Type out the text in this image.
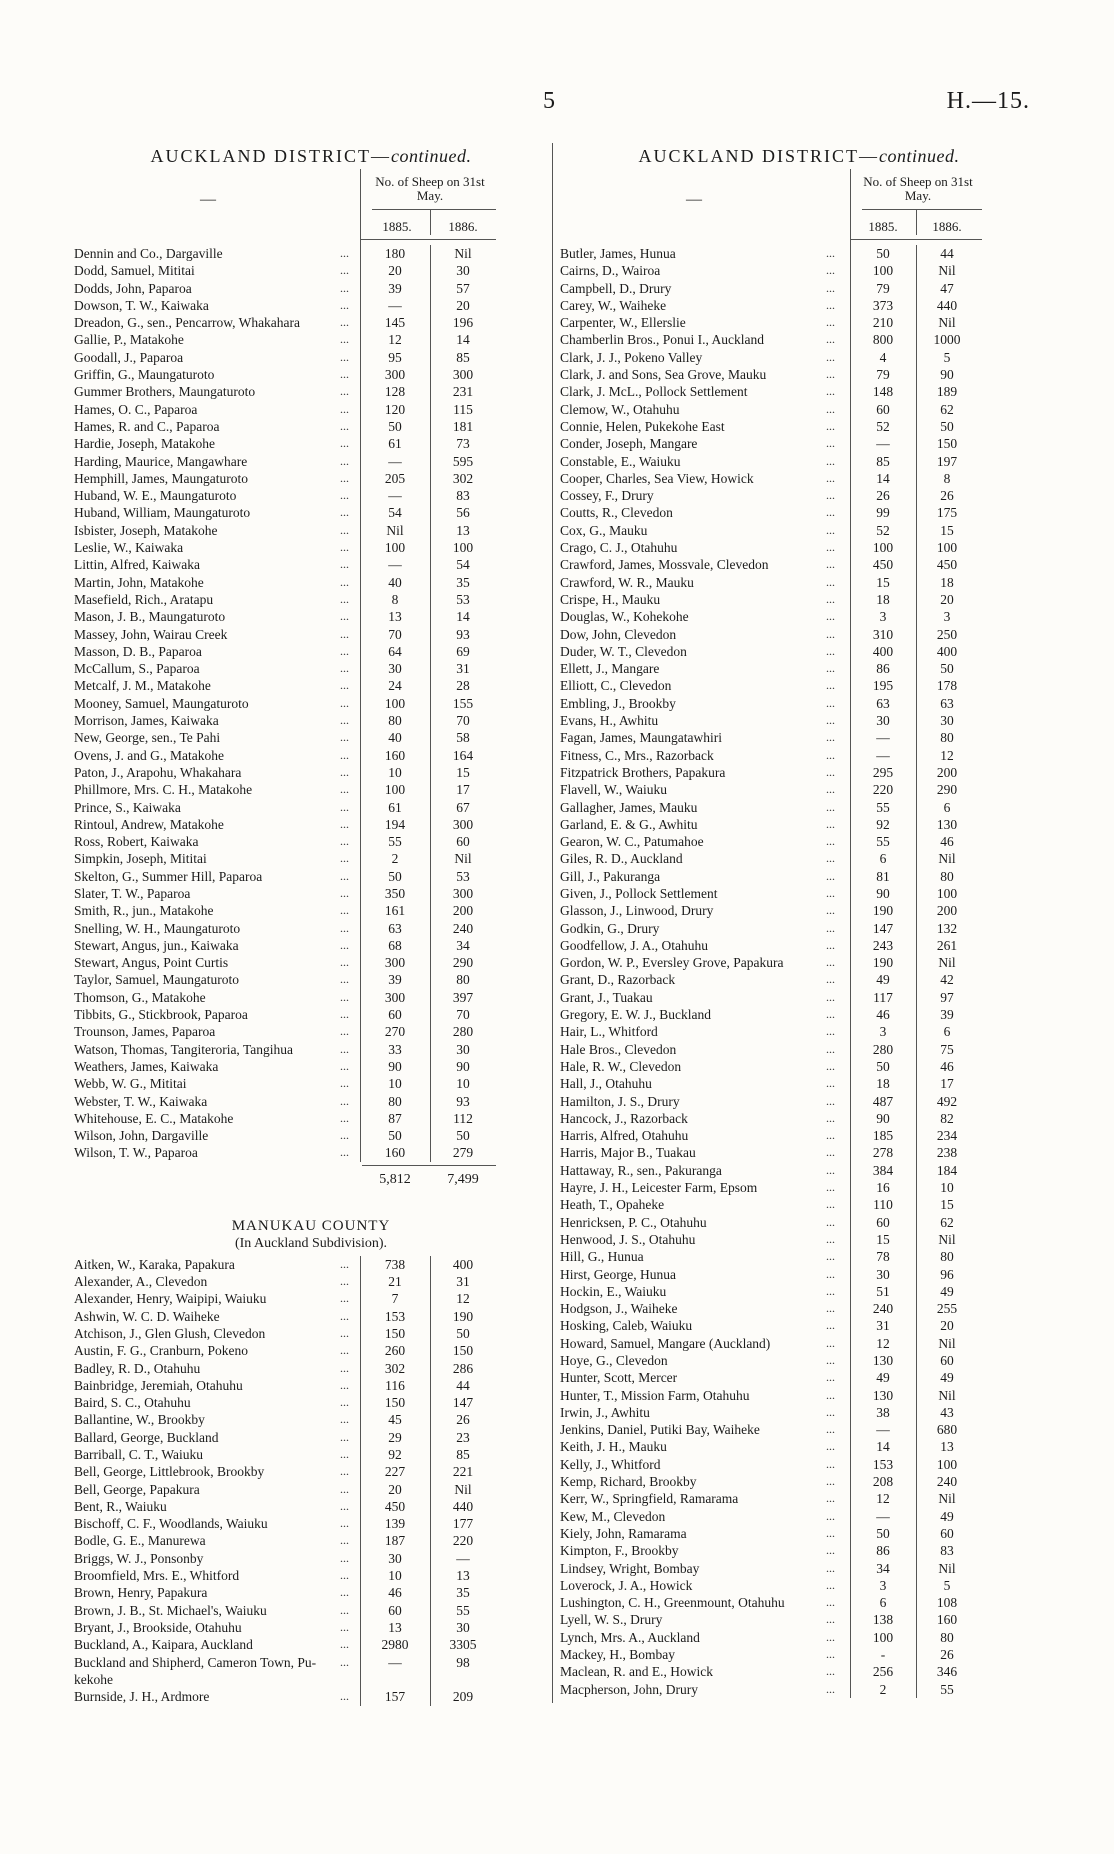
5	H.—15.
AUCKLAND DISTRICT—continued.
—
No. of Sheep on 31st May.
1885.	1886.
Dennin and Co., Dargaville	...	180	Nil
Dodd, Samuel, Mititai	...	20	30
Dodds, John, Paparoa	...	39	57
Dowson, T. W., Kaiwaka	...	—	20
Dreadon, G., sen., Pencarrow, Whakahara	...	145	196
Gallie, P., Matakohe	...	12	14
Goodall, J., Paparoa	...	95	85
Griffin, G., Maungaturoto	...	300	300
Gummer Brothers, Maungaturoto	...	128	231
Hames, O. C., Paparoa	...	120	115
Hames, R. and C., Paparoa	...	50	181
Hardie, Joseph, Matakohe	...	61	73
Harding, Maurice, Mangawhare	...	—	595
Hemphill, James, Maungaturoto	...	205	302
Huband, W. E., Maungaturoto	...	—	83
Huband, William, Maungaturoto	...	54	56
Isbister, Joseph, Matakohe	...	Nil	13
Leslie, W., Kaiwaka	...	100	100
Littin, Alfred, Kaiwaka	...	—	54
Martin, John, Matakohe	...	40	35
Masefield, Rich., Aratapu	...	8	53
Mason, J. B., Maungaturoto	...	13	14
Massey, John, Wairau Creek	...	70	93
Masson, D. B., Paparoa	...	64	69
McCallum, S., Paparoa	...	30	31
Metcalf, J. M., Matakohe	...	24	28
Mooney, Samuel, Maungaturoto	...	100	155
Morrison, James, Kaiwaka	...	80	70
New, George, sen., Te Pahi	...	40	58
Ovens, J. and G., Matakohe	...	160	164
Paton, J., Arapohu, Whakahara	...	10	15
Phillmore, Mrs. C. H., Matakohe	...	100	17
Prince, S., Kaiwaka	...	61	67
Rintoul, Andrew, Matakohe	...	194	300
Ross, Robert, Kaiwaka	...	55	60
Simpkin, Joseph, Mititai	...	2	Nil
Skelton, G., Summer Hill, Paparoa	...	50	53
Slater, T. W., Paparoa	...	350	300
Smith, R., jun., Matakohe	...	161	200
Snelling, W. H., Maungaturoto	...	63	240
Stewart, Angus, jun., Kaiwaka	...	68	34
Stewart, Angus, Point Curtis	...	300	290
Taylor, Samuel, Maungaturoto	...	39	80
Thomson, G., Matakohe	...	300	397
Tibbits, G., Stickbrook, Paparoa	...	60	70
Trounson, James, Paparoa	...	270	280
Watson, Thomas, Tangiteroria, Tangihua	...	33	30
Weathers, James, Kaiwaka	...	90	90
Webb, W. G., Mititai	...	10	10
Webster, T. W., Kaiwaka	...	80	93
Whitehouse, E. C., Matakohe	...	87	112
Wilson, John, Dargaville	...	50	50
Wilson, T. W., Paparoa	...	160	279
5,812	7,499
MANUKAU COUNTY
(In Auckland Subdivision).
Aitken, W., Karaka, Papakura	...	738	400
Alexander, A., Clevedon	...	21	31
Alexander, Henry, Waipipi, Waiuku	...	7	12
Ashwin, W. C. D. Waiheke	...	153	190
Atchison, J., Glen Glush, Clevedon	...	150	50
Austin, F. G., Cranburn, Pokeno	...	260	150
Badley, R. D., Otahuhu	...	302	286
Bainbridge, Jeremiah, Otahuhu	...	116	44
Baird, S. C., Otahuhu	...	150	147
Ballantine, W., Brookby	...	45	26
Ballard, George, Buckland	...	29	23
Barriball, C. T., Waiuku	...	92	85
Bell, George, Littlebrook, Brookby	...	227	221
Bell, George, Papakura	...	20	Nil
Bent, R., Waiuku	...	450	440
Bischoff, C. F., Woodlands, Waiuku	...	139	177
Bodle, G. E., Manurewa	...	187	220
Briggs, W. J., Ponsonby	...	30	—
Broomfield, Mrs. E., Whitford	...	10	13
Brown, Henry, Papakura	...	46	35
Brown, J. B., St. Michael's, Waiuku	...	60	55
Bryant, J., Brookside, Otahuhu	...	13	30
Buckland, A., Kaipara, Auckland	...	2980	3305
Buckland and Shipherd, Cameron Town, Pu-	...	—	98
kekohe
Burnside, J. H., Ardmore	...	157	209
AUCKLAND DISTRICT—continued.
—
No. of Sheep on 31st May.
1885.	1886.
Butler, James, Hunua	...	50	44
Cairns, D., Wairoa	...	100	Nil
Campbell, D., Drury	...	79	47
Carey, W., Waiheke	...	373	440
Carpenter, W., Ellerslie	...	210	Nil
Chamberlin Bros., Ponui I., Auckland	...	800	1000
Clark, J. J., Pokeno Valley	...	4	5
Clark, J. and Sons, Sea Grove, Mauku	...	79	90
Clark, J. McL., Pollock Settlement	...	148	189
Clemow, W., Otahuhu	...	60	62
Connie, Helen, Pukekohe East	...	52	50
Conder, Joseph, Mangare	...	—	150
Constable, E., Waiuku	...	85	197
Cooper, Charles, Sea View, Howick	...	14	8
Cossey, F., Drury	...	26	26
Coutts, R., Clevedon	...	99	175
Cox, G., Mauku	...	52	15
Crago, C. J., Otahuhu	...	100	100
Crawford, James, Mossvale, Clevedon	...	450	450
Crawford, W. R., Mauku	...	15	18
Crispe, H., Mauku	...	18	20
Douglas, W., Kohekohe	...	3	3
Dow, John, Clevedon	...	310	250
Duder, W. T., Clevedon	...	400	400
Ellett, J., Mangare	...	86	50
Elliott, C., Clevedon	...	195	178
Embling, J., Brookby	...	63	63
Evans, H., Awhitu	...	30	30
Fagan, James, Maungatawhiri	...	—	80
Fitness, C., Mrs., Razorback	...	—	12
Fitzpatrick Brothers, Papakura	...	295	200
Flavell, W., Waiuku	...	220	290
Gallagher, James, Mauku	...	55	6
Garland, E. & G., Awhitu	...	92	130
Gearon, W. C., Patumahoe	...	55	46
Giles, R. D., Auckland	...	6	Nil
Gill, J., Pakuranga	...	81	80
Given, J., Pollock Settlement	...	90	100
Glasson, J., Linwood, Drury	...	190	200
Godkin, G., Drury	...	147	132
Goodfellow, J. A., Otahuhu	...	243	261
Gordon, W. P., Eversley Grove, Papakura	...	190	Nil
Grant, D., Razorback	...	49	42
Grant, J., Tuakau	...	117	97
Gregory, E. W. J., Buckland	...	46	39
Hair, L., Whitford	...	3	6
Hale Bros., Clevedon	...	280	75
Hale, R. W., Clevedon	...	50	46
Hall, J., Otahuhu	...	18	17
Hamilton, J. S., Drury	...	487	492
Hancock, J., Razorback	...	90	82
Harris, Alfred, Otahuhu	...	185	234
Harris, Major B., Tuakau	...	278	238
Hattaway, R., sen., Pakuranga	...	384	184
Hayre, J. H., Leicester Farm, Epsom	...	16	10
Heath, T., Opaheke	...	110	15
Henricksen, P. C., Otahuhu	...	60	62
Henwood, J. S., Otahuhu	...	15	Nil
Hill, G., Hunua	...	78	80
Hirst, George, Hunua	...	30	96
Hockin, E., Waiuku	...	51	49
Hodgson, J., Waiheke	...	240	255
Hosking, Caleb, Waiuku	...	31	20
Howard, Samuel, Mangare (Auckland)	...	12	Nil
Hoye, G., Clevedon	...	130	60
Hunter, Scott, Mercer	...	49	49
Hunter, T., Mission Farm, Otahuhu	...	130	Nil
Irwin, J., Awhitu	...	38	43
Jenkins, Daniel, Putiki Bay, Waiheke	...	—	680
Keith, J. H., Mauku	...	14	13
Kelly, J., Whitford	...	153	100
Kemp, Richard, Brookby	...	208	240
Kerr, W., Springfield, Ramarama	...	12	Nil
Kew, M., Clevedon	...	—	49
Kiely, John, Ramarama	...	50	60
Kimpton, F., Brookby	...	86	83
Lindsey, Wright, Bombay	...	34	Nil
Loverock, J. A., Howick	...	3	5
Lushington, C. H., Greenmount, Otahuhu	...	6	108
Lyell, W. S., Drury	...	138	160
Lynch, Mrs. A., Auckland	...	100	80
Mackey, H., Bombay	...	-	26
Maclean, R. and E., Howick	...	256	346
Macpherson, John, Drury	...	2	55
